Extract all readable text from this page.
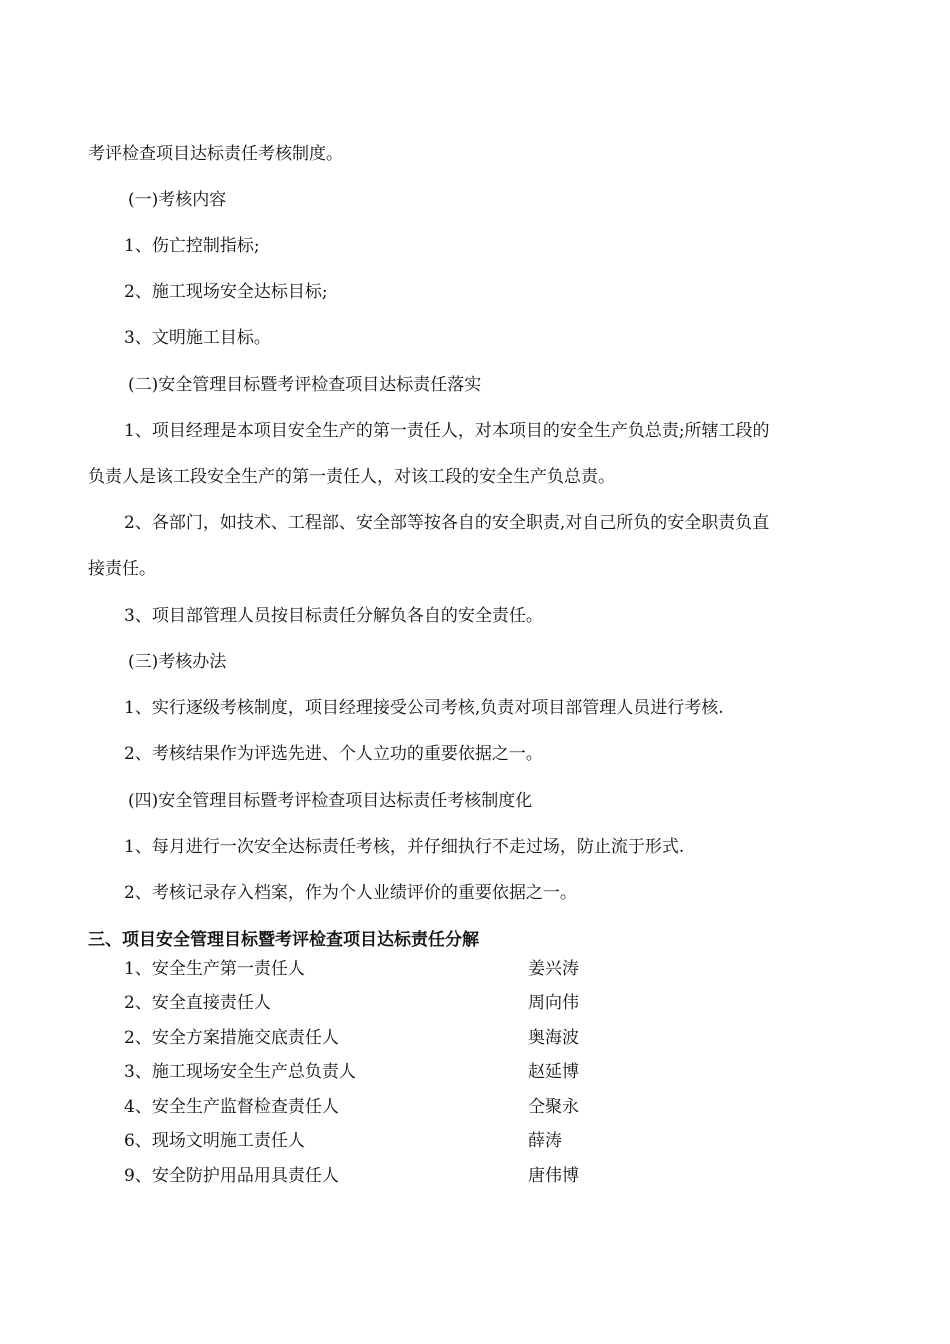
考评检查项目达标责任考核制度。
(一)考核内容
1、伤亡控制指标;
2、施工现场安全达标目标;
3、文明施工目标。
(二)安全管理目标暨考评检查项目达标责任落实
1、项目经理是本项目安全生产的第一责任人，对本项目的安全生产负总责;所辖工段的
负责人是该工段安全生产的第一责任人，对该工段的安全生产负总责。
2、各部门，如技术、工程部、安全部等按各自的安全职责,对自己所负的安全职责负直
接责任。
3、项目部管理人员按目标责任分解负各自的安全责任。
(三)考核办法
1、实行逐级考核制度，项目经理接受公司考核,负责对项目部管理人员进行考核.
2、考核结果作为评选先进、个人立功的重要依据之一。
(四)安全管理目标暨考评检查项目达标责任考核制度化
1、每月进行一次安全达标责任考核，并仔细执行不走过场，防止流于形式.
2、考核记录存入档案，作为个人业绩评价的重要依据之一。
三、项目安全管理目标暨考评检查项目达标责任分解
1、安全生产第一责任人	姜兴涛
2、安全直接责任人	周向伟
2、安全方案措施交底责任人	奥海波
3、施工现场安全生产总负责人	赵延博
4、安全生产监督检查责任人	仝聚永
6、现场文明施工责任人	薛涛
9、安全防护用品用具责任人	唐伟博
